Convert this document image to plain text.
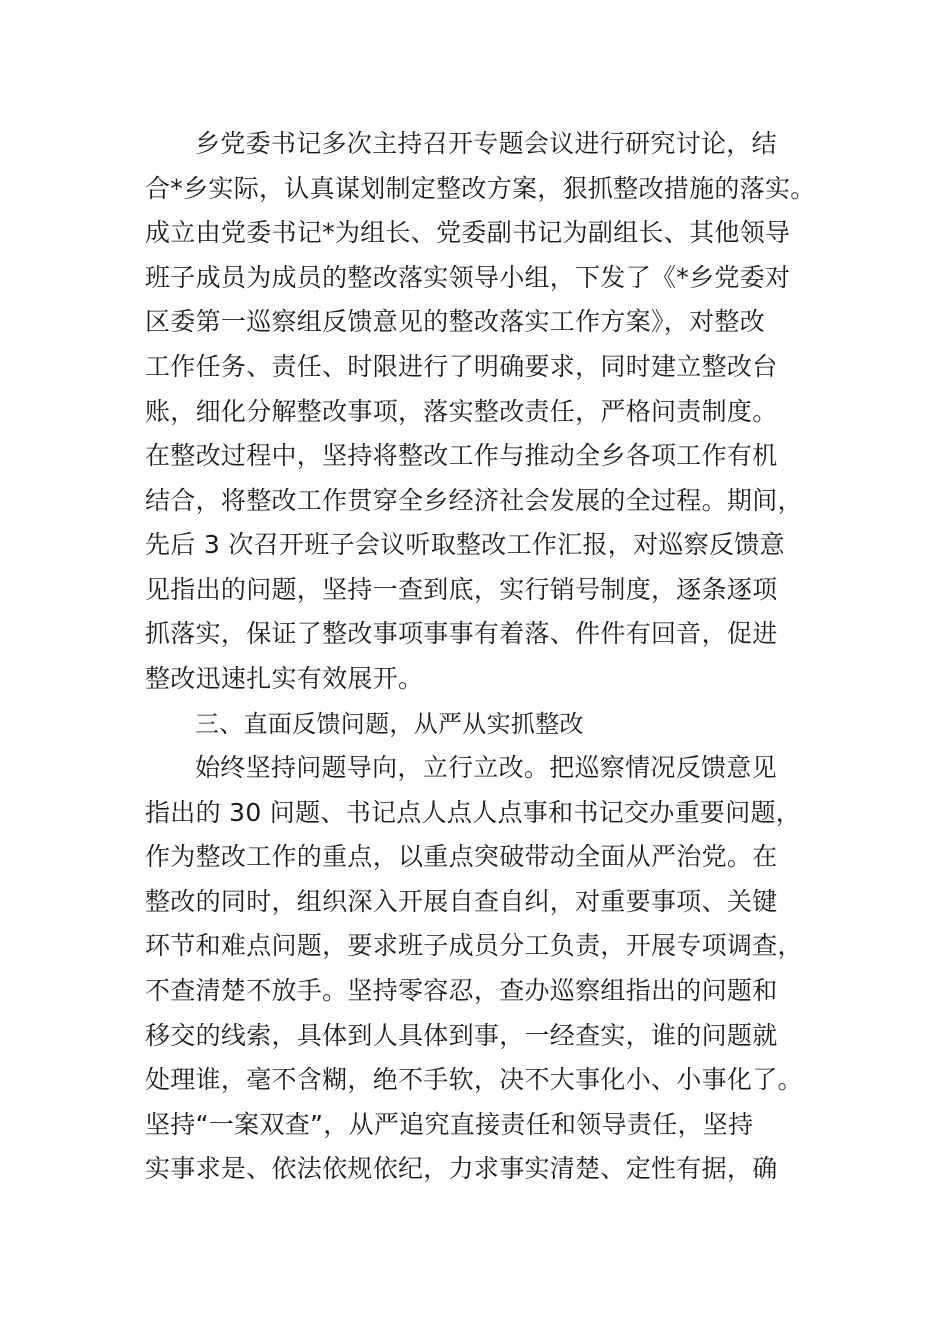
乡党委书记多次主持召开专题会议进行研究讨论，结
合*乡实际，认真谋划制定整改方案，狠抓整改措施的落实。
成立由党委书记*为组长、党委副书记为副组长、其他领导
班子成员为成员的整改落实领导小组，下发了《*乡党委对
区委第一巡察组反馈意见的整改落实工作方案》，对整改
工作任务、责任、时限进行了明确要求，同时建立整改台
账，细化分解整改事项，落实整改责任，严格问责制度。
在整改过程中，坚持将整改工作与推动全乡各项工作有机
结合，将整改工作贯穿全乡经济社会发展的全过程。期间，
先后 3 次召开班子会议听取整改工作汇报，对巡察反馈意
见指出的问题，坚持一查到底，实行销号制度，逐条逐项
抓落实，保证了整改事项事事有着落、件件有回音，促进
整改迅速扎实有效展开。
三、直面反馈问题，从严从实抓整改
始终坚持问题导向，立行立改。把巡察情况反馈意见
指出的 30 问题、书记点人点人点事和书记交办重要问题，
作为整改工作的重点，以重点突破带动全面从严治党。在
整改的同时，组织深入开展自查自纠，对重要事项、关键
环节和难点问题，要求班子成员分工负责，开展专项调查，
不查清楚不放手。坚持零容忍，查办巡察组指出的问题和
移交的线索，具体到人具体到事，一经查实，谁的问题就
处理谁，毫不含糊，绝不手软，决不大事化小、小事化了。
坚持“一案双查”，从严追究直接责任和领导责任，坚持
实事求是、依法依规依纪，力求事实清楚、定性有据，确
